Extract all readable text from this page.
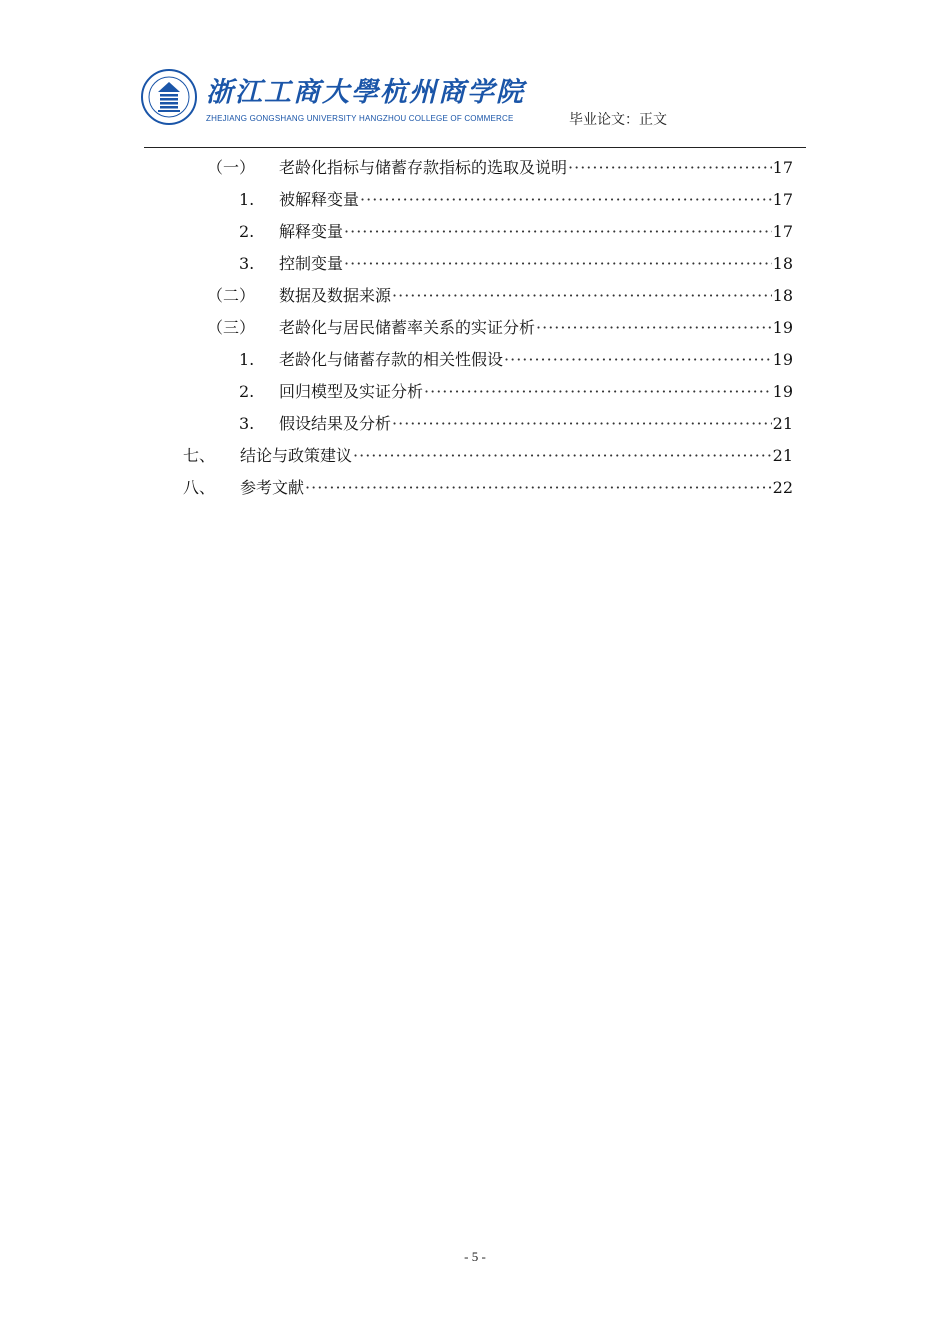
浙江工商大學杭州商学院
ZHEJIANG GONGSHANG UNIVERSITY HANGZHOU COLLEGE OF COMMERCE	毕业论文：正文
（一）	老龄化指标与储蓄存款指标的选取及说明 ·····	17
1.	被解释变量 ·····	17
2.	解释变量 ·····	17
3.	控制变量 ·····	18
（二）	数据及数据来源 ·····	18
（三）	老龄化与居民储蓄率关系的实证分析 ·····	19
1.	老龄化与储蓄存款的相关性假设 ·····	19
2.	回归模型及实证分析 ·····	19
3.	假设结果及分析 ·····	21
七、	结论与政策建议 ·····	21
八、	参考文献 ·····	22
- 5 -
